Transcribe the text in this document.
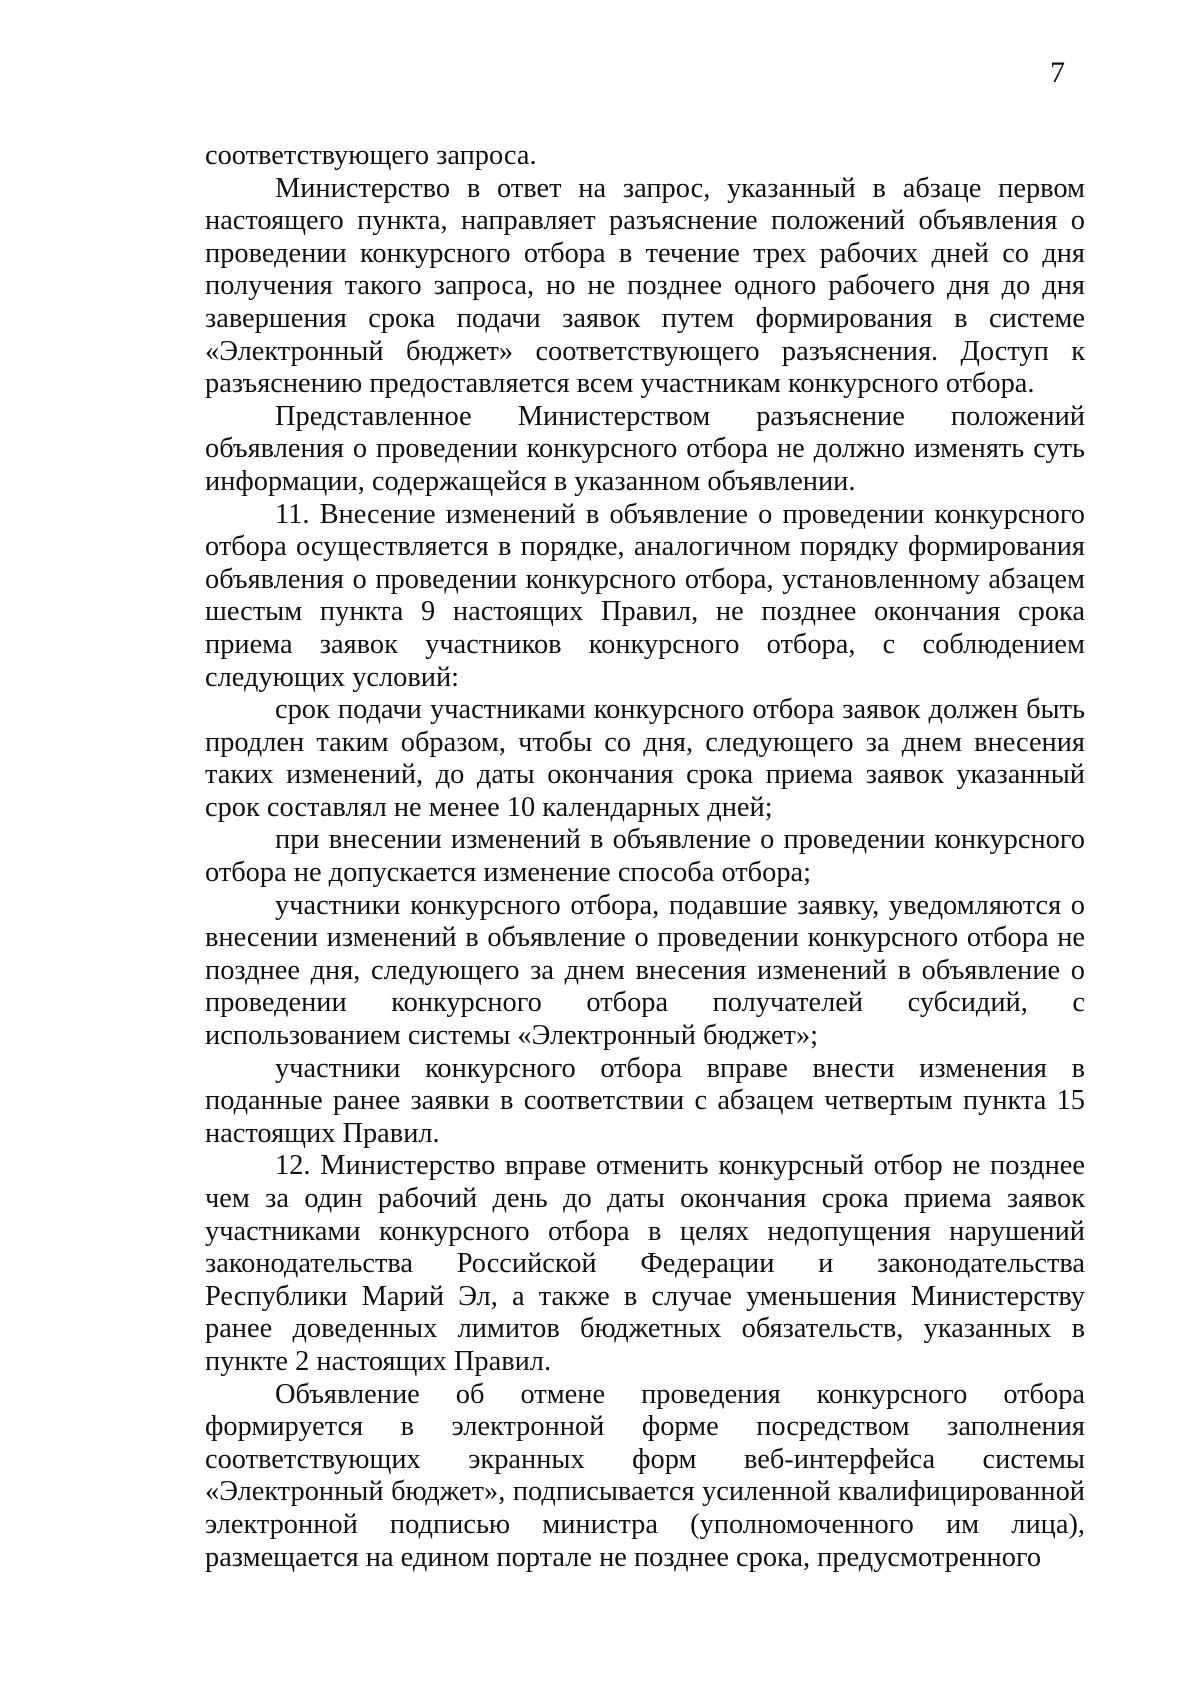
7

соответствующего запроса.

Министерство в ответ на запрос, указанный в абзаце первом настоящего пункта, направляет разъяснение положений объявления о проведении конкурсного отбора в течение трех рабочих дней со дня получения такого запроса, но не позднее одного рабочего дня до дня завершения срока подачи заявок путем формирования в системе «Электронный бюджет» соответствующего разъяснения. Доступ к разъяснению предоставляется всем участникам конкурсного отбора.

Представленное Министерством разъяснение положений объявления о проведении конкурсного отбора не должно изменять суть информации, содержащейся в указанном объявлении.

11. Внесение изменений в объявление о проведении конкурсного отбора осуществляется в порядке, аналогичном порядку формирования объявления о проведении конкурсного отбора, установленному абзацем шестым пункта 9 настоящих Правил, не позднее окончания срока приема заявок участников конкурсного отбора, с соблюдением следующих условий:

срок подачи участниками конкурсного отбора заявок должен быть продлен таким образом, чтобы со дня, следующего за днем внесения таких изменений, до даты окончания срока приема заявок указанный срок составлял не менее 10 календарных дней;

при внесении изменений в объявление о проведении конкурсного отбора не допускается изменение способа отбора;

участники конкурсного отбора, подавшие заявку, уведомляются о внесении изменений в объявление о проведении конкурсного отбора не позднее дня, следующего за днем внесения изменений в объявление о проведении конкурсного отбора получателей субсидий, с использованием системы «Электронный бюджет»;

участники конкурсного отбора вправе внести изменения в поданные ранее заявки в соответствии с абзацем четвертым пункта 15 настоящих Правил.

12. Министерство вправе отменить конкурсный отбор не позднее чем за один рабочий день до даты окончания срока приема заявок участниками конкурсного отбора в целях недопущения нарушений законодательства Российской Федерации и законодательства Республики Марий Эл, а также в случае уменьшения Министерству ранее доведенных лимитов бюджетных обязательств, указанных в пункте 2 настоящих Правил.

Объявление об отмене проведения конкурсного отбора формируется в электронной форме посредством заполнения соответствующих экранных форм веб-интерфейса системы «Электронный бюджет», подписывается усиленной квалифицированной электронной подписью министра (уполномоченного им лица), размещается на едином портале не позднее срока, предусмотренного
